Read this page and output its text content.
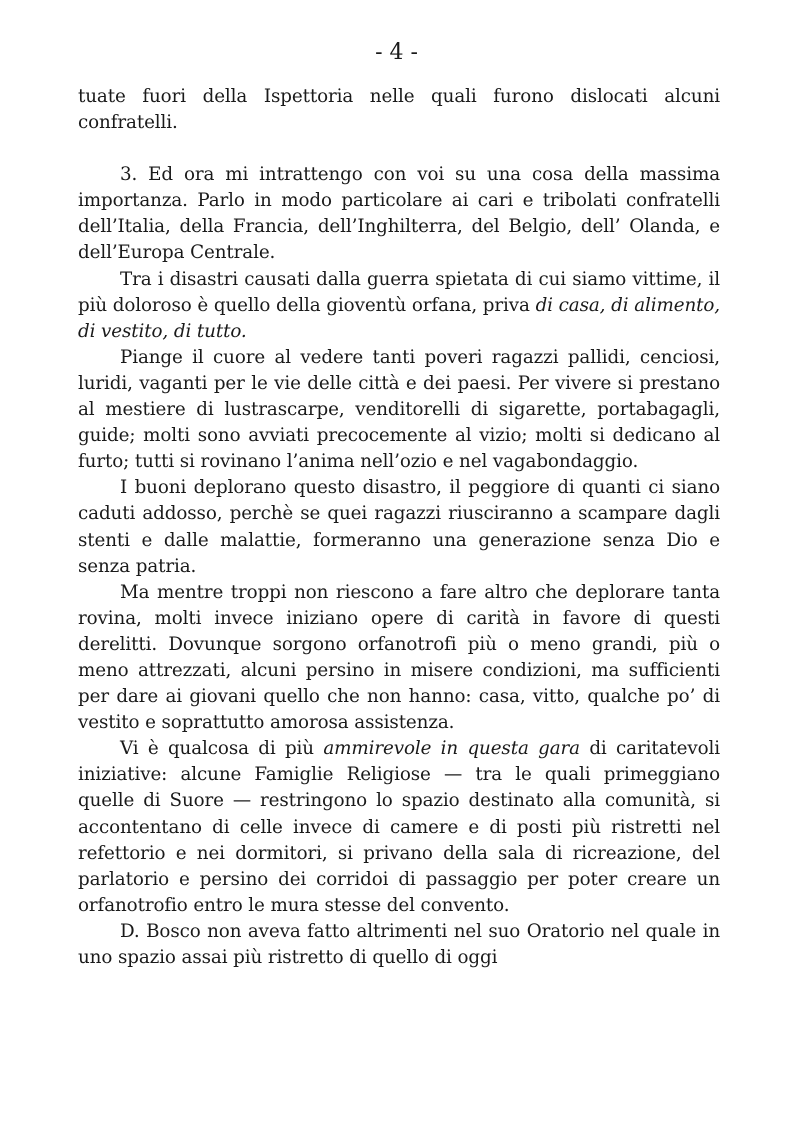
- 4 -

tuate fuori della Ispettoria nelle quali furono dislocati alcuni confratelli.

3. Ed ora mi intrattengo con voi su una cosa della massima importanza. Parlo in modo particolare ai cari e tribolati confratelli dell’Italia, della Francia, dell’Inghilterra, del Belgio, dell’ Olanda, e dell’Europa Centrale.

Tra i disastri causati dalla guerra spietata di cui siamo vittime, il più doloroso è quello della gioventù orfana, priva di casa, di alimento, di vestito, di tutto.

Piange il cuore al vedere tanti poveri ragazzi pallidi, cenciosi, luridi, vaganti per le vie delle città e dei paesi. Per vivere si prestano al mestiere di lustrascarpe, venditorelli di sigarette, portabagagli, guide; molti sono avviati precocemente al vizio; molti si dedicano al furto; tutti si rovinano l’anima nell’ozio e nel vagabondaggio.

I buoni deplorano questo disastro, il peggiore di quanti ci siano caduti addosso, perchè se quei ragazzi riusciranno a scampare dagli stenti e dalle malattie, formeranno una generazione senza Dio e senza patria.

Ma mentre troppi non riescono a fare altro che deplorare tanta rovina, molti invece iniziano opere di carità in favore di questi derelitti. Dovunque sorgono orfanotrofi più o meno grandi, più o meno attrezzati, alcuni persino in misere condizioni, ma sufficienti per dare ai giovani quello che non hanno: casa, vitto, qualche po’ di vestito e soprattutto amorosa assistenza.

Vi è qualcosa di più ammirevole in questa gara di caritatevoli iniziative: alcune Famiglie Religiose — tra le quali primeggiano quelle di Suore — restringono lo spazio destinato alla comunità, si accontentano di celle invece di camere e di posti più ristretti nel refettorio e nei dormitori, si privano della sala di ricreazione, del parlatorio e persino dei corridoi di passaggio per poter creare un orfanotrofio entro le mura stesse del convento.

D. Bosco non aveva fatto altrimenti nel suo Oratorio nel quale in uno spazio assai più ristretto di quello di oggi
